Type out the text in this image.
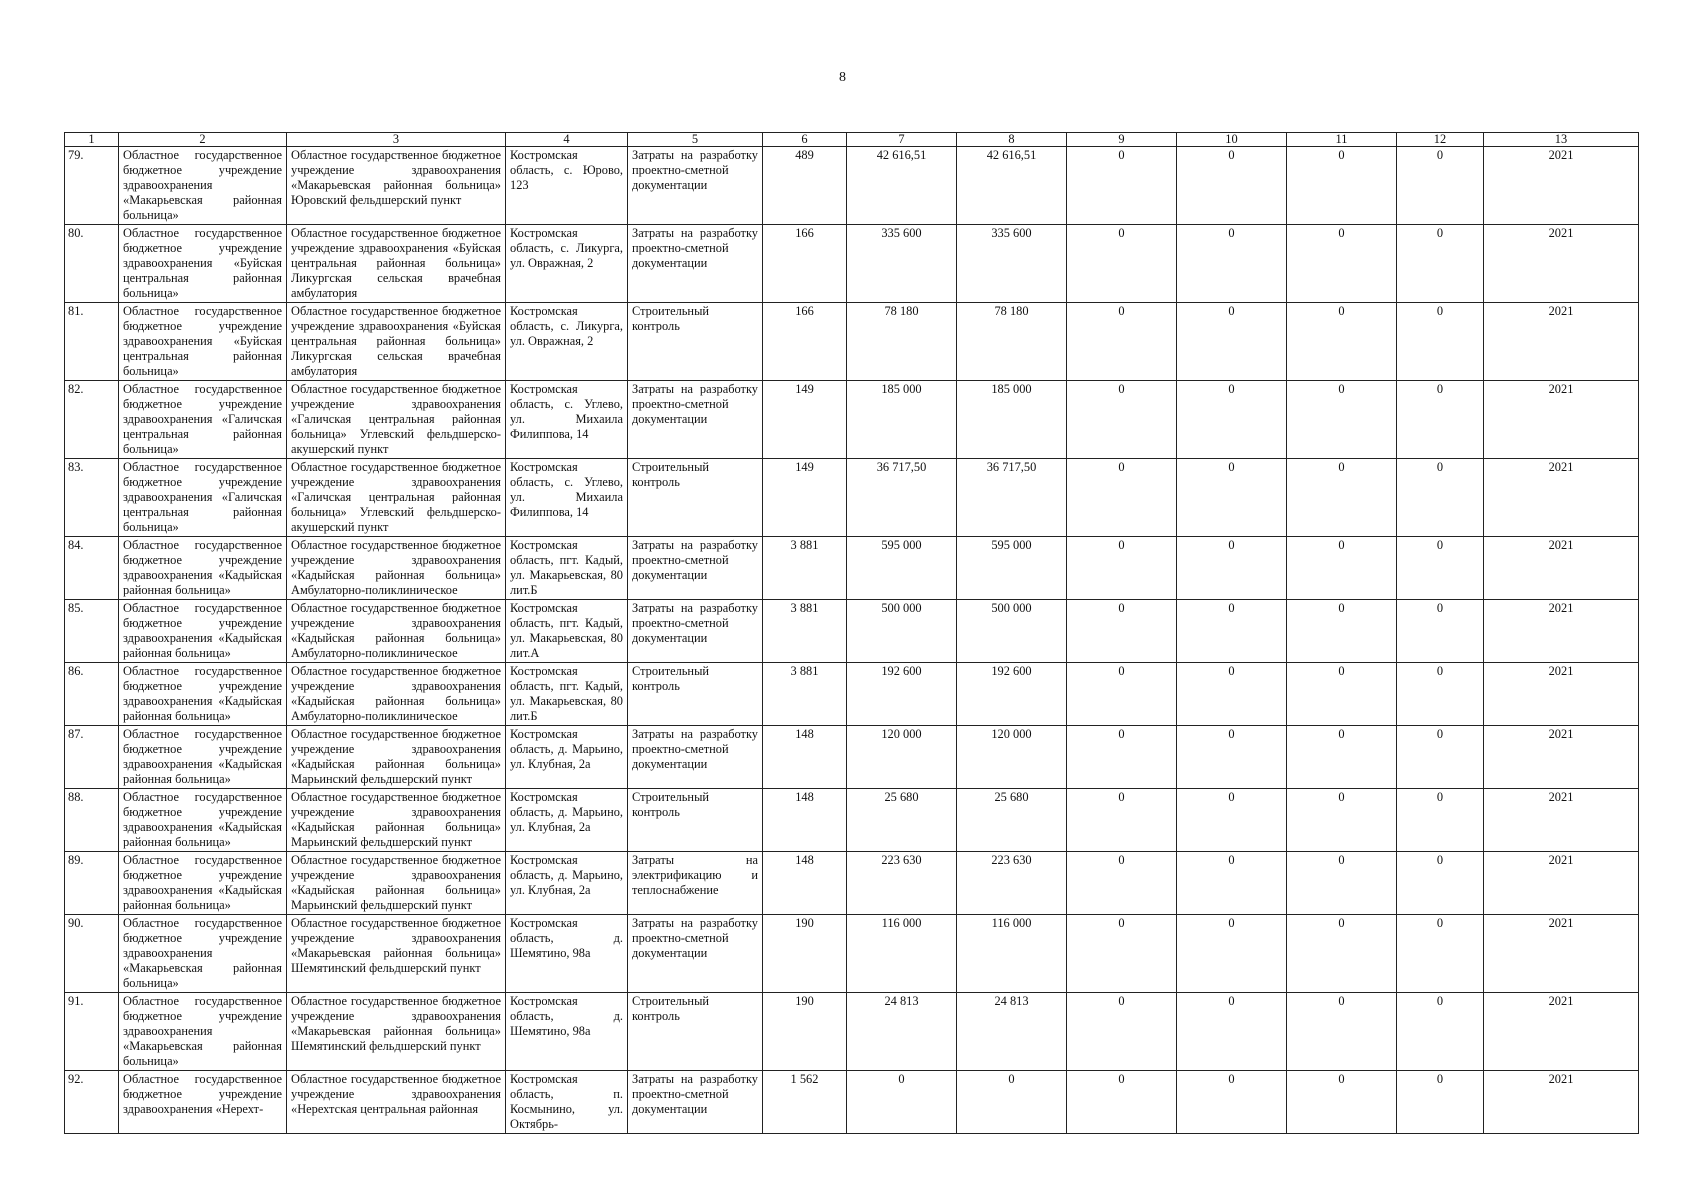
8
1	2	3	4	5	6	7	8	9	10	11	12	13
79.	Областное государственное бюджетное учреждение здравоохранения «Макарьевская районная больница»	Областное государственное бюджетное учреждение здравоохранения «Макарьевская районная больница» Юровский фельдшерский пункт	Костромская область, с. Юрово, 123	Затраты на разработку проектно-сметной документации	489	42 616,51	42 616,51	0	0	0	0	2021
80.	Областное государственное бюджетное учреждение здравоохранения «Буйская центральная районная больница»	Областное государственное бюджетное учреждение здравоохранения «Буйская центральная районная больница» Ликургская сельская врачебная амбулатория	Костромская область, с. Ликурга, ул. Овражная, 2	Затраты на разработку проектно-сметной документации	166	335 600	335 600	0	0	0	0	2021
81.	Областное государственное бюджетное учреждение здравоохранения «Буйская центральная районная больница»	Областное государственное бюджетное учреждение здравоохранения «Буйская центральная районная больница» Ликургская сельская врачебная амбулатория	Костромская область, с. Ликурга, ул. Овражная, 2	Строительный контроль	166	78 180	78 180	0	0	0	0	2021
82.	Областное государственное бюджетное учреждение здравоохранения «Галичская центральная районная больница»	Областное государственное бюджетное учреждение здравоохранения «Галичская центральная районная больница» Углевский фельдшерско-акушерский пункт	Костромская область, с. Углево, ул. Михаила Филиппова, 14	Затраты на разработку проектно-сметной документации	149	185 000	185 000	0	0	0	0	2021
83.	Областное государственное бюджетное учреждение здравоохранения «Галичская центральная районная больница»	Областное государственное бюджетное учреждение здравоохранения «Галичская центральная районная больница» Углевский фельдшерско-акушерский пункт	Костромская область, с. Углево, ул. Михаила Филиппова, 14	Строительный контроль	149	36 717,50	36 717,50	0	0	0	0	2021
84.	Областное государственное бюджетное учреждение здравоохранения «Кадыйская районная больница»	Областное государственное бюджетное учреждение здравоохранения «Кадыйская районная больница» Амбулаторно-поликлиническое	Костромская область, пгт. Кадый, ул. Макарьевская, 80 лит.Б	Затраты на разработку проектно-сметной документации	3 881	595 000	595 000	0	0	0	0	2021
85.	Областное государственное бюджетное учреждение здравоохранения «Кадыйская районная больница»	Областное государственное бюджетное учреждение здравоохранения «Кадыйская районная больница» Амбулаторно-поликлиническое	Костромская область, пгт. Кадый, ул. Макарьевская, 80 лит.А	Затраты на разработку проектно-сметной документации	3 881	500 000	500 000	0	0	0	0	2021
86.	Областное государственное бюджетное учреждение здравоохранения «Кадыйская районная больница»	Областное государственное бюджетное учреждение здравоохранения «Кадыйская районная больница» Амбулаторно-поликлиническое	Костромская область, пгт. Кадый, ул. Макарьевская, 80 лит.Б	Строительный контроль	3 881	192 600	192 600	0	0	0	0	2021
87.	Областное государственное бюджетное учреждение здравоохранения «Кадыйская районная больница»	Областное государственное бюджетное учреждение здравоохранения «Кадыйская районная больница» Марьинский фельдшерский пункт	Костромская область, д. Марьино, ул. Клубная, 2а	Затраты на разработку проектно-сметной документации	148	120 000	120 000	0	0	0	0	2021
88.	Областное государственное бюджетное учреждение здравоохранения «Кадыйская районная больница»	Областное государственное бюджетное учреждение здравоохранения «Кадыйская районная больница» Марьинский фельдшерский пункт	Костромская область, д. Марьино, ул. Клубная, 2а	Строительный контроль	148	25 680	25 680	0	0	0	0	2021
89.	Областное государственное бюджетное учреждение здравоохранения «Кадыйская районная больница»	Областное государственное бюджетное учреждение здравоохранения «Кадыйская районная больница» Марьинский фельдшерский пункт	Костромская область, д. Марьино, ул. Клубная, 2а	Затраты на электрификацию и теплоснабжение	148	223 630	223 630	0	0	0	0	2021
90.	Областное государственное бюджетное учреждение здравоохранения «Макарьевская районная больница»	Областное государственное бюджетное учреждение здравоохранения «Макарьевская районная больница» Шемятинский фельдшерский пункт	Костромская область, д. Шемятино, 98а	Затраты на разработку проектно-сметной документации	190	116 000	116 000	0	0	0	0	2021
91.	Областное государственное бюджетное учреждение здравоохранения «Макарьевская районная больница»	Областное государственное бюджетное учреждение здравоохранения «Макарьевская районная больница» Шемятинский фельдшерский пункт	Костромская область, д. Шемятино, 98а	Строительный контроль	190	24 813	24 813	0	0	0	0	2021
92.	Областное государственное бюджетное учреждение здравоохранения «Нерехт-	Областное государственное бюджетное учреждение здравоохранения «Нерехтская центральная районная	Костромская область, п. Космынино, ул. Октябрь-	Затраты на разработку проектно-сметной документации	1 562	0	0	0	0	0	0	2021
